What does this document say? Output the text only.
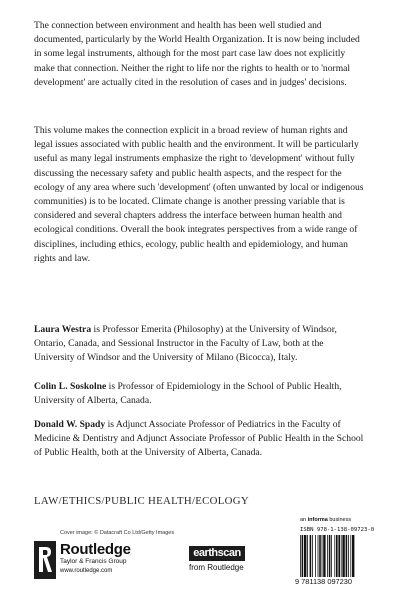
The connection between environment and health has been well studied and documented, particularly by the World Health Organization. It is now being included in some legal instruments, although for the most part case law does not explicitly make that connection. Neither the right to life nor the rights to health or to 'normal development' are actually cited in the resolution of cases and in judges' decisions.

This volume makes the connection explicit in a broad review of human rights and legal issues associated with public health and the environment. It will be particularly useful as many legal instruments emphasize the right to 'development' without fully discussing the necessary safety and public health aspects, and the respect for the ecology of any area where such 'development' (often unwanted by local or indigenous communities) is to be located. Climate change is another pressing variable that is considered and several chapters address the interface between human health and ecological conditions. Overall the book integrates perspectives from a wide range of disciplines, including ethics, ecology, public health and epidemiology, and human rights and law.

Laura Westra is Professor Emerita (Philosophy) at the University of Windsor, Ontario, Canada, and Sessional Instructor in the Faculty of Law, both at the University of Windsor and the University of Milano (Bicocca), Italy.

Colin L. Soskolne is Professor of Epidemiology in the School of Public Health, University of Alberta, Canada.

Donald W. Spady is Adjunct Associate Professor of Pediatrics in the Faculty of Medicine & Dentistry and Adjunct Associate Professor of Public Health in the School of Public Health, both at the University of Alberta, Canada.

LAW/ETHICS/PUBLIC HEALTH/ECOLOGY
Cover image: © Datacraft Co Ltd/Getty Images
Routledge
Taylor & Francis Group
www.routledge.com
earthscan
from Routledge
an informa business
ISBN 978-1-138-09723-0
9 781138 097230
